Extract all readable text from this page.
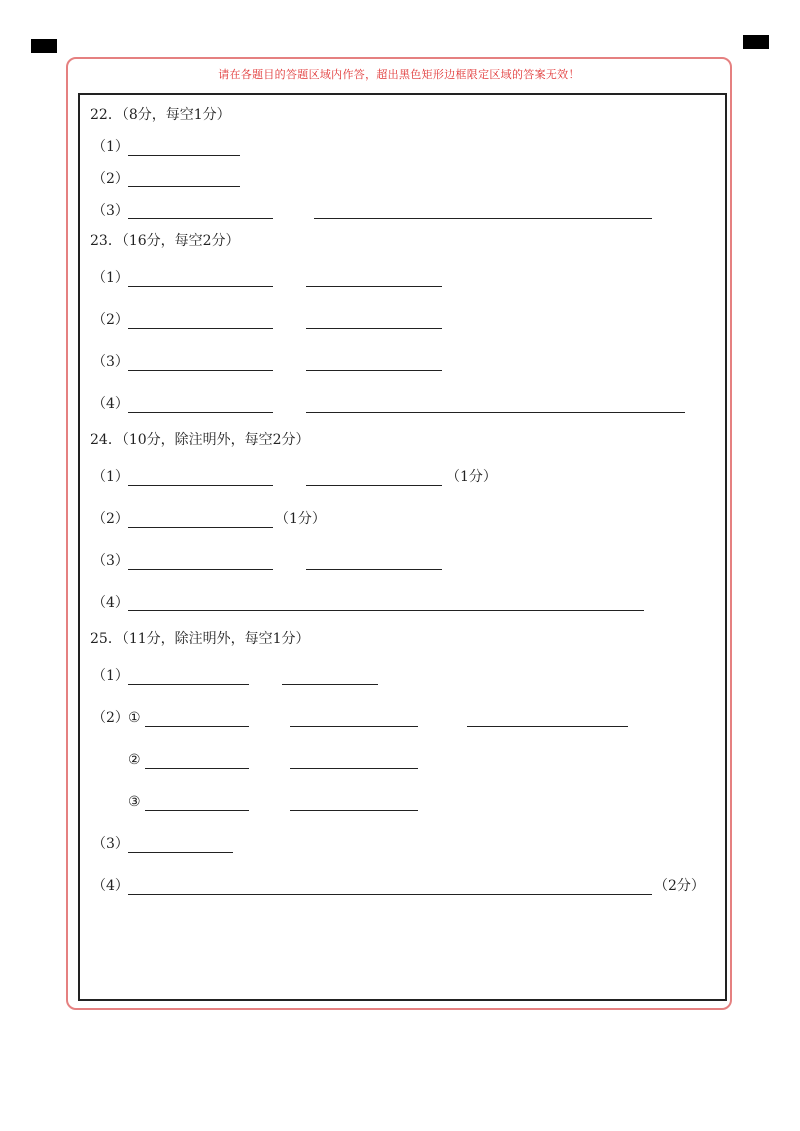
请在各题目的答题区域内作答，超出黑色矩形边框限定区域的答案无效！
22．（8分，每空1分）
（1）
（2）
（3）
23．（16分，每空2分）
（1）
（2）
（3）
（4）
24．（10分，除注明外，每空2分）
（1）	（1分）
（2）	（1分）
（3）
（4）
25．（11分，除注明外，每空1分）
（1）
（2） ①
②
③
（3）
（4）	（2分）
